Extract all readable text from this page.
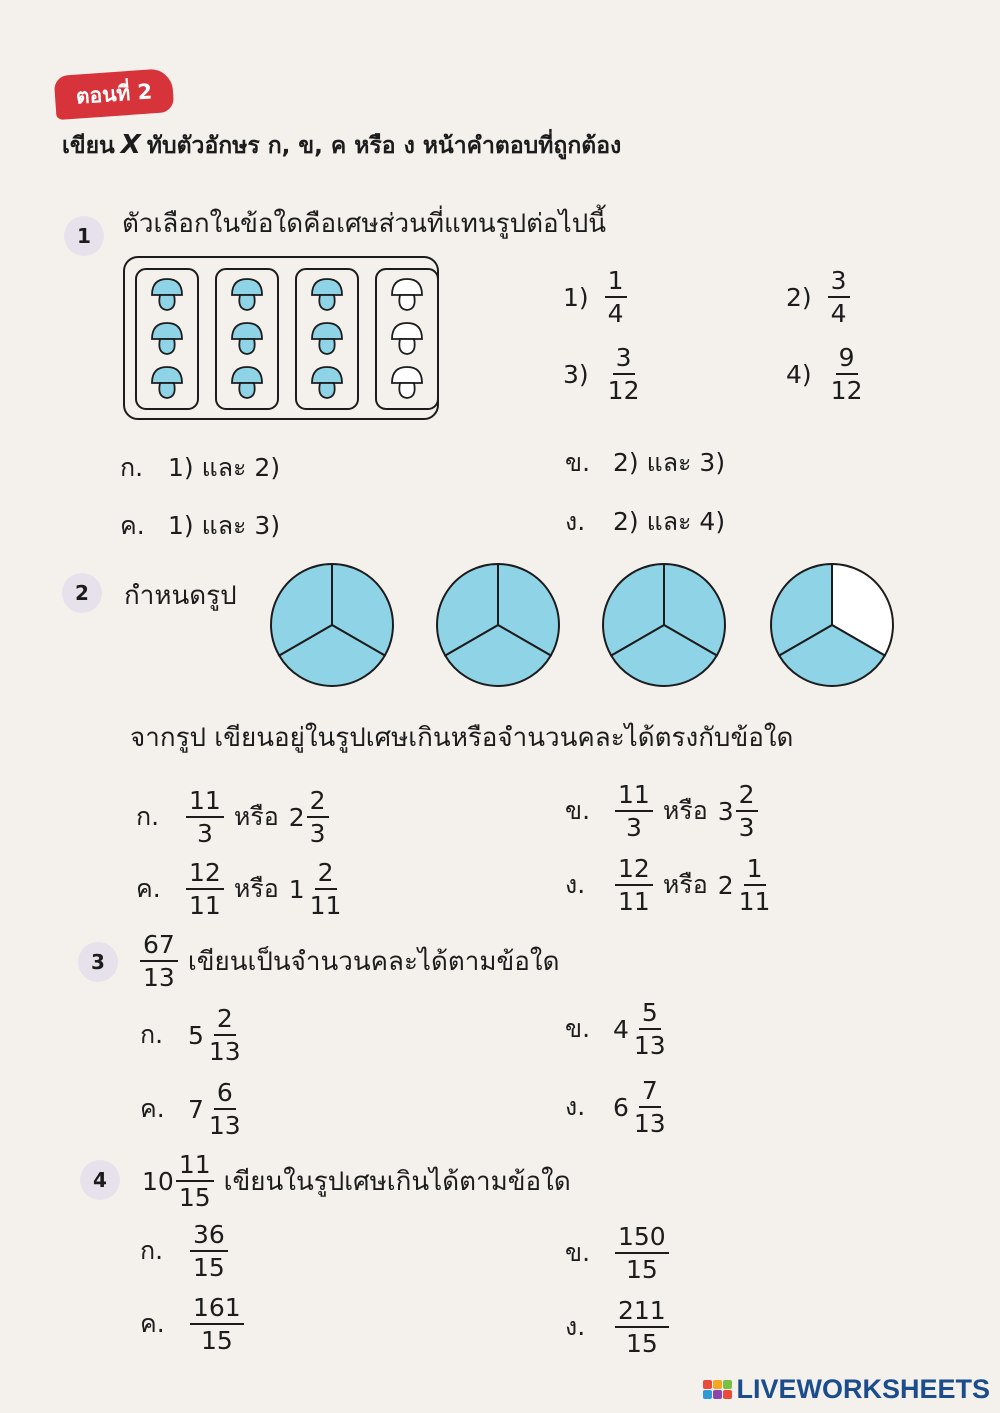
ตอนที่ 2
เขียน X ทับตัวอักษร ก, ข, ค หรือ ง หน้าคำตอบที่ถูกต้อง
1	ตัวเลือกในข้อใดคือเศษส่วนที่แทนรูปต่อไปนี้
$1) \frac{1}{4}$	$2) \frac{3}{4}$
$3) \frac{3}{12}$	$4) \frac{9}{12}$
ก. 1) และ 2)	ข. 2) และ 3)
ค. 1) และ 3)	ง.	2) และ 4)
2	กำหนดรูป
จากรูป เขียนอยู่ในรูปเศษเกินหรือจำนวนคละได้ตรงกับข้อใด
ก.	$\frac{11}{3}$ หรือ $2 \frac{2}{3}$	ข. $\frac{11}{3}$ หรือ $3 \frac{2}{3}$
ค.	$\frac{12}{11}$ หรือ $1 \frac{2}{11}$	ง.	$\frac{12}{11}$ หรือ $2 \frac{1}{11}$
3	$\frac{67}{13}$ เขียนเป็นจำนวนคละได้ตามข้อใด
ก. $5 \frac{2}{13}$	ข. $4 \frac{5}{13}$
ค. $7 \frac{6}{13}$	ง.	$6 \frac{7}{13}$
4	$10 \frac{11}{15}$ เขียนในรูปเศษเกินได้ตามข้อใด
ก.	$\frac{36}{15}$	ข. $\frac{150}{15}$
ค.	$\frac{161}{15}$	ง.	$\frac{211}{15}$
LIVEWORKSHEETS
